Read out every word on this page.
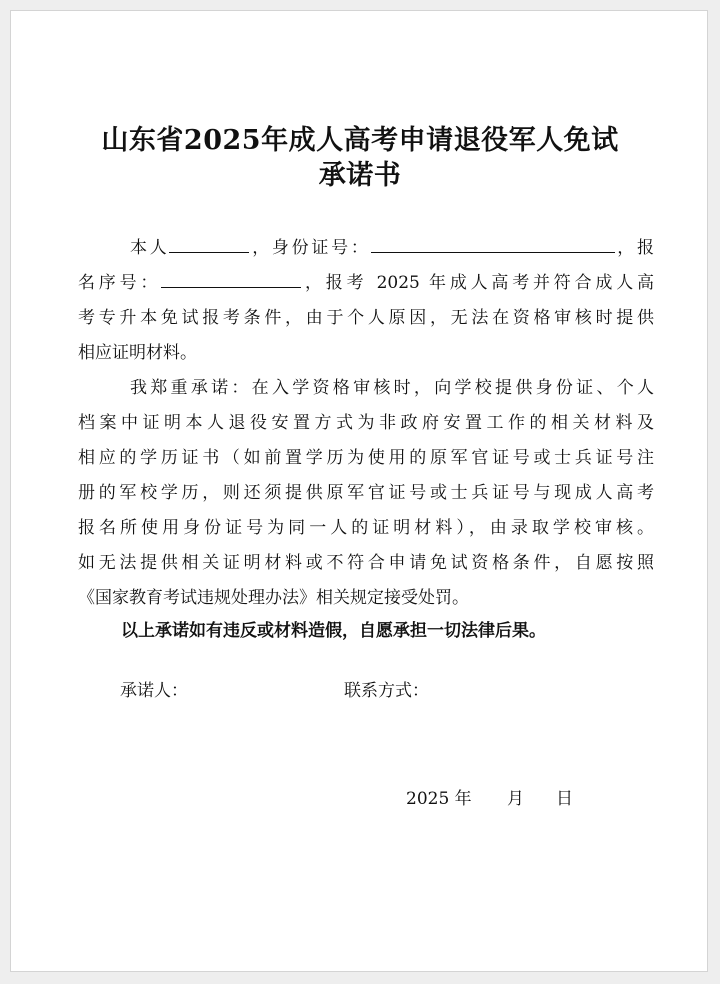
山东省2025年成人高考申请退役军人免试
承诺书
本人	，身份证号：	，报
名序号：	，报考 2025 年成人高考并符合成人高
考专升本免试报考条件，由于个人原因，无法在资格审核时提供
相应证明材料。
我郑重承诺：在入学资格审核时，向学校提供身份证、个人
档案中证明本人退役安置方式为非政府安置工作的相关材料及
相应的学历证书（如前置学历为使用的原军官证号或士兵证号注
册的军校学历，则还须提供原军官证号或士兵证号与现成人高考
报名所使用身份证号为同一人的证明材料），由录取学校审核。
如无法提供相关证明材料或不符合申请免试资格条件，自愿按照
《国家教育考试违规处理办法》相关规定接受处罚。
以上承诺如有违反或材料造假，自愿承担一切法律后果。
承诺人：	联系方式：
2025 年 月 日
